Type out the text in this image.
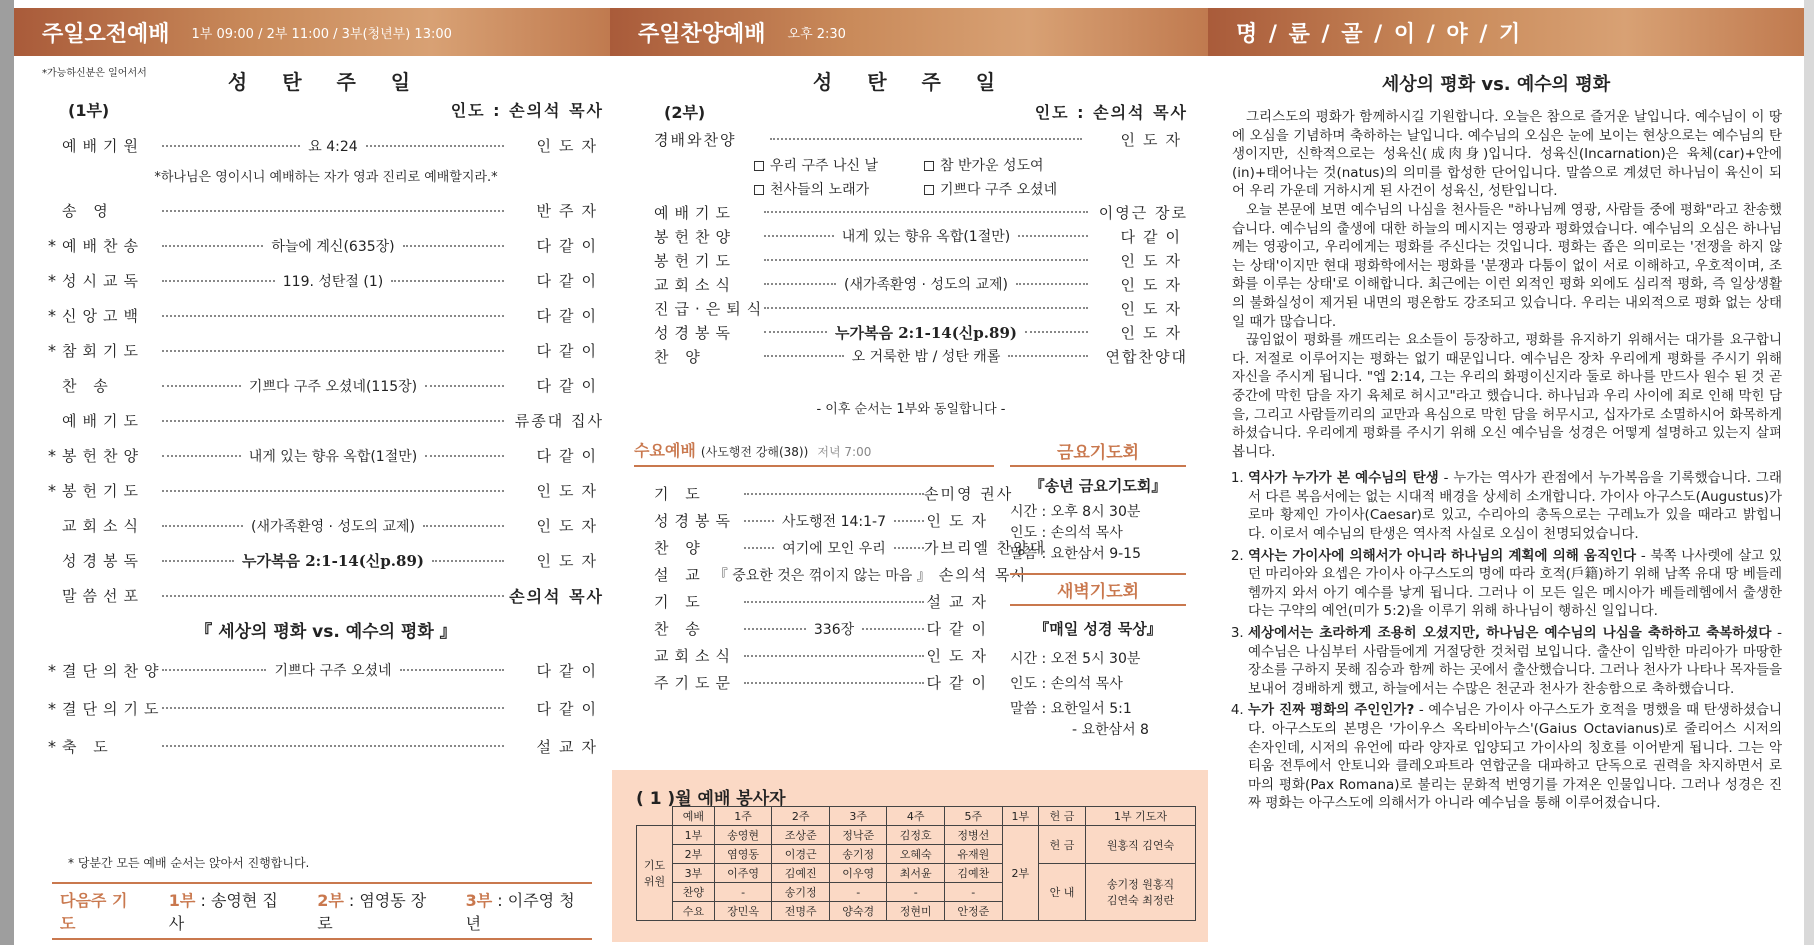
주일오전예배 1부 09:00 / 2부 11:00 / 3부(청년부) 13:00	주일찬양예배 오후 2:30	명 / 륜 / 골 / 이 / 야 / 기
*가능하신분은 일어서서	성 탄 주 일
(1부)	인도 : 손의석 목사
예배기원	요 4:24	인도자
*하나님은 영이시니 예배하는 자가 영과 진리로 예배할지라.*
송 영	반주자
* 예배찬송	하늘에 계신(635장)	다같이
* 성시교독	119. 성탄절 (1)	다같이
* 신앙고백	다같이
* 참회기도	다같이
찬 송	기쁘다 구주 오셨네(115장)	다같이
예배기도	류종대 집사
* 봉헌찬양	내게 있는 향유 옥합(1절만)	다같이
* 봉헌기도	인도자
교회소식	(새가족환영 · 성도의 교제)	인도자
성경봉독	누가복음 2:1-14(신p.89)	인도자
말씀선포	손의석 목사
『 세상의 평화 vs. 예수의 평화 』
* 결단의찬양	기쁘다 구주 오셨네	다같이
* 결단의기도	다같이
* 축 도	설교자
* 당분간 모든 예배 순서는 앉아서 진행합니다.
다음주 기도
1부 : 송영현 집사
2부 : 염영동 장로
3부 : 이주영 청년
성 탄 주 일
(2부)	인도 : 손의석 목사
경배와찬양	인도자
우리 구주 나신 날	참 반가운 성도여
천사들의 노래가	기쁘다 구주 오셨네
예배기도	이영근 장로
봉헌찬양	내게 있는 향유 옥합(1절만)	다같이
봉헌기도	인도자
교회소식	(새가족환영 · 성도의 교제)	인도자
진급·은퇴식	인도자
성경봉독	누가복음 2:1-14(신p.89)	인도자
찬 양	오 거룩한 밤 / 성탄 캐롤	연합찬양대
- 이후 순서는 1부와 동일합니다 -
수요예배 (사도행전 강해(38)) 저녁 7:00
기 도	손미영 권사
성경봉독	사도행전 14:1-7	인도자
찬 양	여기에 모인 우리	가브리엘 찬양대
설 교 『 중요한 것은 꺾이지 않는 마음 』 손의석 목사
기 도	설교자
찬 송	336장	다같이
교회소식	인도자
주기도문	다같이
금요기도회
『송년 금요기도회』
시간 : 오후 8시 30분
인도 : 손의석 목사
말씀 : 요한삼서 9-15
새벽기도회
『매일 성경 묵상』
시간 : 오전 5시 30분
인도 : 손의석 목사
말씀 : 요한일서 5:1
- 요한삼서 8
( 1 )월 예배 봉사자
	예배	1주	2주	3주	4주	5주	1부	헌 금	1부 기도자
기도 위원	1부	송영현	조상준	정낙준	김정호	정병선	2부	헌 금	원홍직 김연숙
	2부	염영동	이경근	송기정	오혜숙	유재원			
	3부	이주영	김예진	이우영	최서윤	김예찬		안 내	송기정 원홍직
김연숙 최정란

	찬양	-	송기정	-	-	-			
	수요	장민옥	전명주	양숙경	정현미	안정준			
세상의 평화 vs. 예수의 평화

그리스도의 평화가 함께하시길 기원합니다. 오늘은 참으로 즐거운 날입니다. 예수님이 이 땅에 오심을 기념하며 축하하는 날입니다. 예수님의 오심은 눈에 보이는 현상으로는 예수님의 탄생이지만, 신학적으로는 성육신(成肉身)입니다. 성육신(Incarnation)은 육체(car)+안에(in)+태어나는 것(natus)의 의미를 합성한 단어입니다. 말씀으로 계셨던 하나님이 육신이 되어 우리 가운데 거하시게 된 사건이 성육신, 성탄입니다.

오늘 본문에 보면 예수님의 나심을 천사들은 "하나님께 영광, 사람들 중에 평화"라고 찬송했습니다. 예수님의 출생에 대한 하늘의 메시지는 영광과 평화였습니다. 예수님의 오심은 하나님께는 영광이고, 우리에게는 평화를 주신다는 것입니다. 평화는 좁은 의미로는 '전쟁을 하지 않는 상태'이지만 현대 평화학에서는 평화를 '분쟁과 다툼이 없이 서로 이해하고, 우호적이며, 조화를 이루는 상태'로 이해합니다. 최근에는 이런 외적인 평화 외에도 심리적 평화, 즉 일상생활의 불화실성이 제거된 내면의 평온함도 강조되고 있습니다. 우리는 내외적으로 평화 없는 상태일 때가 많습니다.

끊임없이 평화를 깨뜨리는 요소들이 등장하고, 평화를 유지하기 위해서는 대가를 요구합니다. 저절로 이루어지는 평화는 없기 때문입니다. 예수님은 장차 우리에게 평화를 주시기 위해 자신을 주시게 됩니다. "엡 2:14, 그는 우리의 화평이신지라 둘로 하나를 만드사 원수 된 것 곧 중간에 막힌 담을 자기 육체로 허시고"라고 했습니다. 하나님과 우리 사이에 죄로 인해 막힌 담을, 그리고 사람들끼리의 교만과 욕심으로 막힌 담을 허무시고, 십자가로 소멸하시어 화목하게 하셨습니다. 우리에게 평화를 주시기 위해 오신 예수님을 성경은 어떻게 설명하고 있는지 살펴봅니다.

1. 역사가 누가가 본 예수님의 탄생 - 누가는 역사가 관점에서 누가복음을 기록했습니다. 그래서 다른 복음서에는 없는 시대적 배경을 상세히 소개합니다. 가이사 아구스도(Augustus)가 로마 황제인 가이사(Caesar)로 있고, 수리아의 총독으로는 구레뇨가 있을 때라고 밝힙니다. 이로서 예수님의 탄생은 역사적 사실로 오심이 천명되었습니다.
2. 역사는 가이사에 의해서가 아니라 하나님의 계획에 의해 움직인다 - 북쪽 나사렛에 살고 있던 마리아와 요셉은 가이사 아구스도의 명에 따라 호적(戶籍)하기 위해 남쪽 유대 땅 베들레헴까지 와서 아기 예수를 낳게 됩니다. 그러나 이 모든 일은 메시아가 베들레헴에서 출생한다는 구약의 예언(미가 5:2)을 이루기 위해 하나님이 행하신 일입니다.
3. 세상에서는 초라하게 조용히 오셨지만, 하나님은 예수님의 나심을 축하하고 축복하셨다 - 예수님은 나심부터 사람들에게 거절당한 것처럼 보입니다. 출산이 임박한 마리아가 마땅한 장소를 구하지 못해 짐승과 함께 하는 곳에서 출산했습니다. 그러나 천사가 나타나 목자들을 보내어 경배하게 했고, 하늘에서는 수많은 천군과 천사가 찬송함으로 축하했습니다.
4. 누가 진짜 평화의 주인인가? - 예수님은 가이사 아구스도가 호적을 명했을 때 탄생하셨습니다. 아구스도의 본명은 '가이우스 옥타비아누스'(Gaius Octavianus)로 줄리어스 시저의 손자인데, 시저의 유언에 따라 양자로 입양되고 가이사의 칭호를 이어받게 됩니다. 그는 악티움 전투에서 안토니와 클레오파트라 연합군을 대파하고 단독으로 권력을 차지하면서 로마의 평화(Pax Romana)로 불리는 문화적 번영기를 가져온 인물입니다. 그러나 성경은 진짜 평화는 아구스도에 의해서가 아니라 예수님을 통해 이루어졌습니다.
